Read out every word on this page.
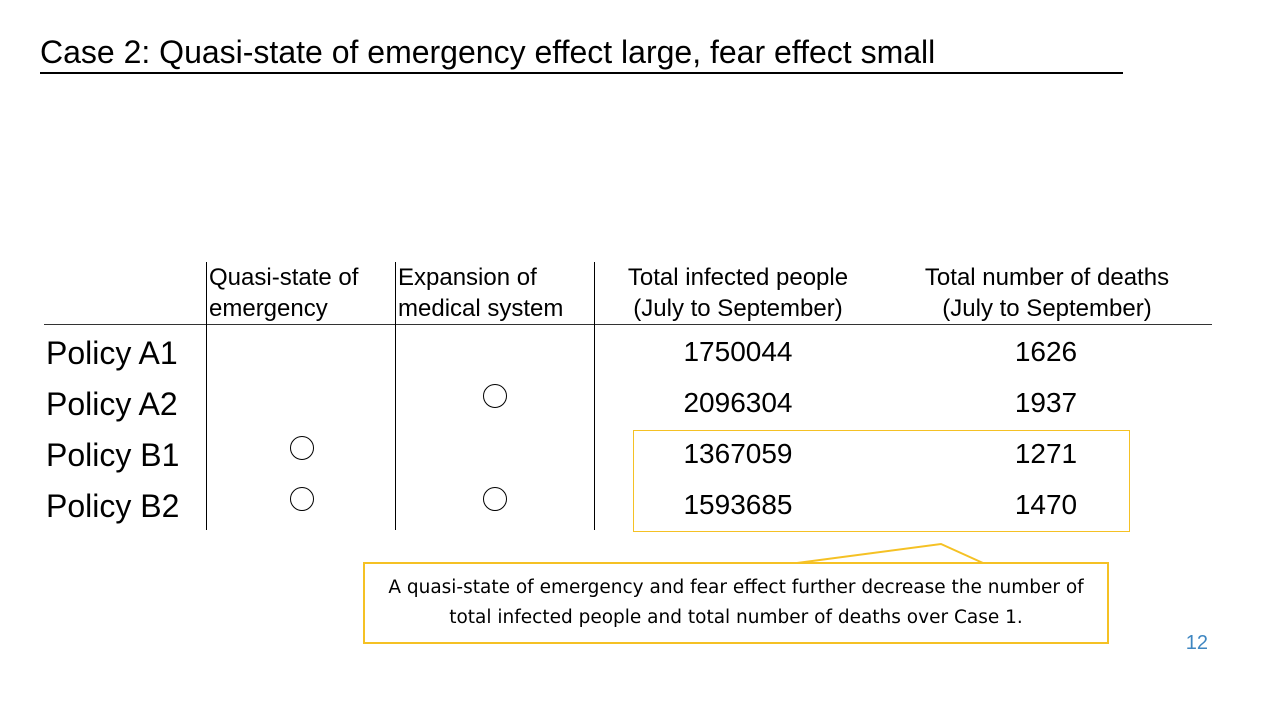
Case 2: Quasi-state of emergency effect large, fear effect small
Quasi-state of
emergency
Expansion of
medical system
Total infected people
(July to September)
Total number of deaths
(July to September)
Policy A1
Policy A2
Policy B1
Policy B2
1750044
2096304
1367059
1593685
1626
1937
1271
1470
A quasi-state of emergency and fear effect further decrease the number of
total infected people and total number of deaths over Case 1.
12
